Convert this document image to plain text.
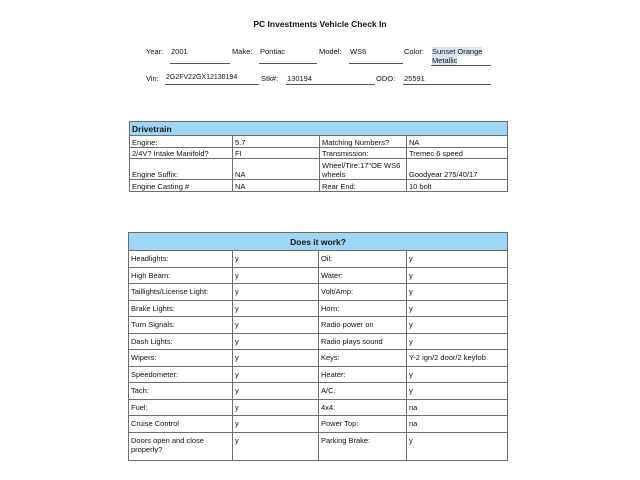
PC Investments Vehicle Check In
Year: 2001	Make: Pontiac	Model: WS6	Color: Sunset Orange
Metallic
Vin: 2G2FV22GX12130194	Stk#: 130194	ODO: 25591
Drivetrain			
Engine:	5.7	Matching Numbers?	NA
2/4V? Intake Manifold?	FI	Transmission:	Tremec 6 speed
Engine Suffix:	NA	Wheel/Tire:17"OE WS6 wheels	Goodyear 275/40/17
Engine Casting #	NA	Rear End:	10 bolt
Does it work?			
Headlights:	y	Oil:	y
High Beam:	y	Water:	y
Taillights/License Light:	y	Volt/Amp:	y
Brake Lights:	y	Horn:	y
Turn Signals:	y	Radio power on	y
Dash Lights:	y	Radio plays sound	y
Wipers:	y	Keys:	Y-2 ign/2 door/2 keyfob
Speedometer:	y	Heater:	y
Tach:	y	A/C:	y
Fuel:	y	4x4:	na
Cruise Control	y	Power Top:	na
Doors open and close properly?	y	Parking Brake:	y
